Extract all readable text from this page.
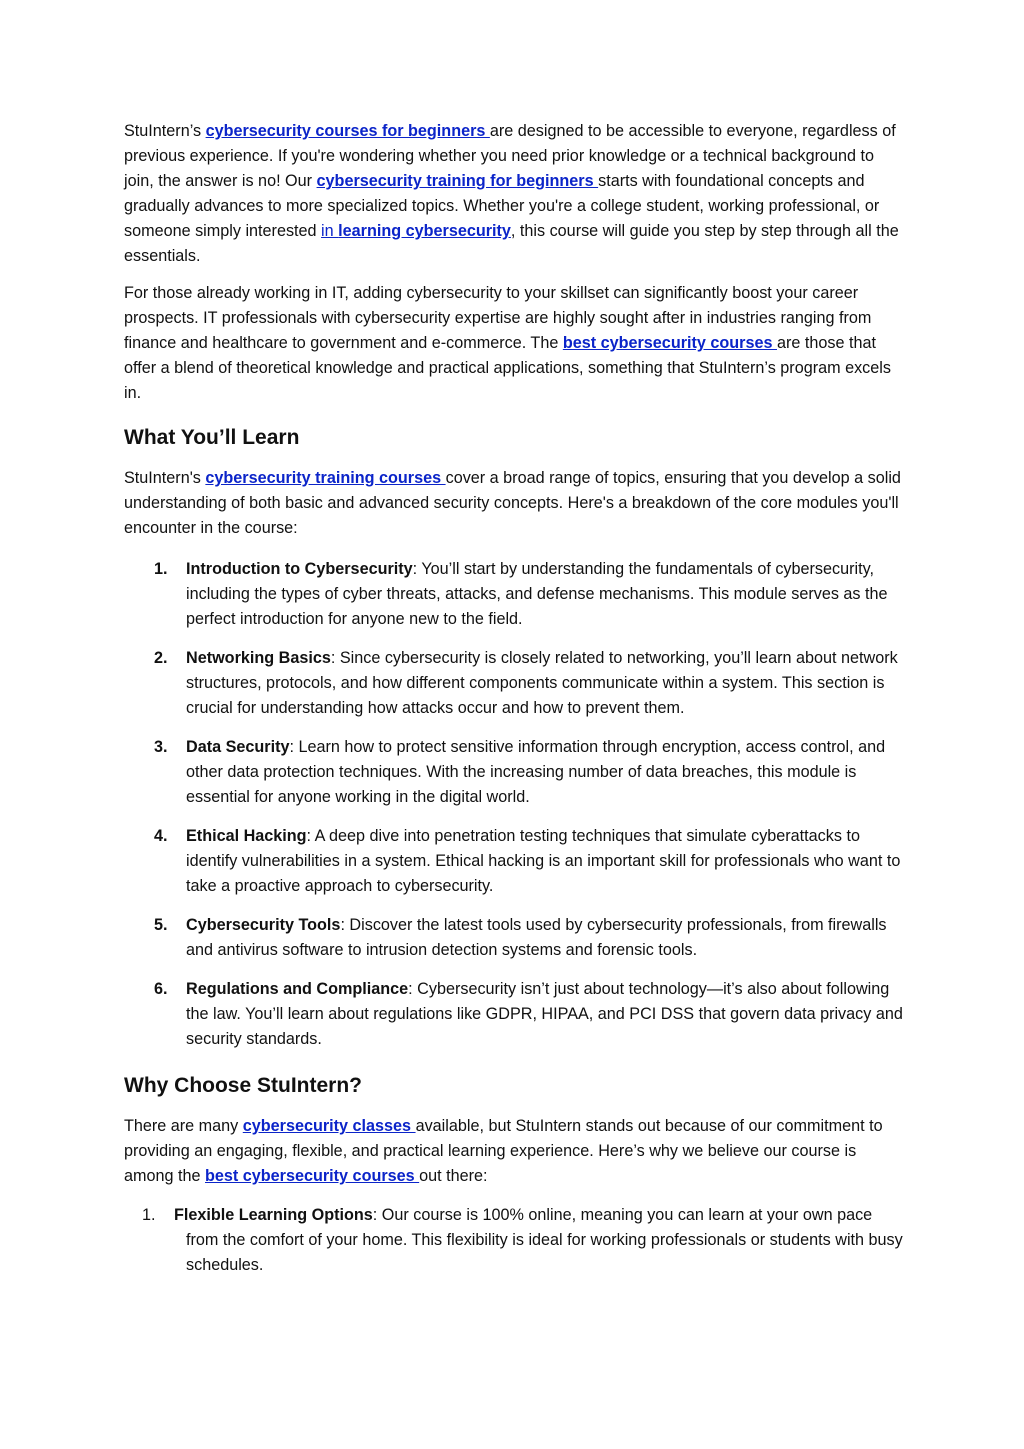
StuIntern’s cybersecurity courses for beginners are designed to be accessible to everyone, regardless of previous experience. If you're wondering whether you need prior knowledge or a technical background to join, the answer is no! Our cybersecurity training for beginners starts with foundational concepts and gradually advances to more specialized topics. Whether you're a college student, working professional, or someone simply interested in learning cybersecurity, this course will guide you step by step through all the essentials.

For those already working in IT, adding cybersecurity to your skillset can significantly boost your career prospects. IT professionals with cybersecurity expertise are highly sought after in industries ranging from finance and healthcare to government and e-commerce. The best cybersecurity courses are those that offer a blend of theoretical knowledge and practical applications, something that StuIntern’s program excels in.

What You’ll Learn

StuIntern's cybersecurity training courses cover a broad range of topics, ensuring that you develop a solid understanding of both basic and advanced security concepts. Here's a breakdown of the core modules you'll encounter in the course:

1. Introduction to Cybersecurity: You’ll start by understanding the fundamentals of cybersecurity, including the types of cyber threats, attacks, and defense mechanisms. This module serves as the perfect introduction for anyone new to the field.
2. Networking Basics: Since cybersecurity is closely related to networking, you’ll learn about network structures, protocols, and how different components communicate within a system. This section is crucial for understanding how attacks occur and how to prevent them.
3. Data Security: Learn how to protect sensitive information through encryption, access control, and other data protection techniques. With the increasing number of data breaches, this module is essential for anyone working in the digital world.
4. Ethical Hacking: A deep dive into penetration testing techniques that simulate cyberattacks to identify vulnerabilities in a system. Ethical hacking is an important skill for professionals who want to take a proactive approach to cybersecurity.
5. Cybersecurity Tools: Discover the latest tools used by cybersecurity professionals, from firewalls and antivirus software to intrusion detection systems and forensic tools.
6. Regulations and Compliance: Cybersecurity isn’t just about technology—it’s also about following the law. You’ll learn about regulations like GDPR, HIPAA, and PCI DSS that govern data privacy and security standards.
Why Choose StuIntern?

There are many cybersecurity classes available, but StuIntern stands out because of our commitment to providing an engaging, flexible, and practical learning experience. Here’s why we believe our course is among the best cybersecurity courses out there:

1. Flexible Learning Options: Our course is 100% online, meaning you can learn at your own pace from the comfort of your home. This flexibility is ideal for working professionals or students with busy schedules.
